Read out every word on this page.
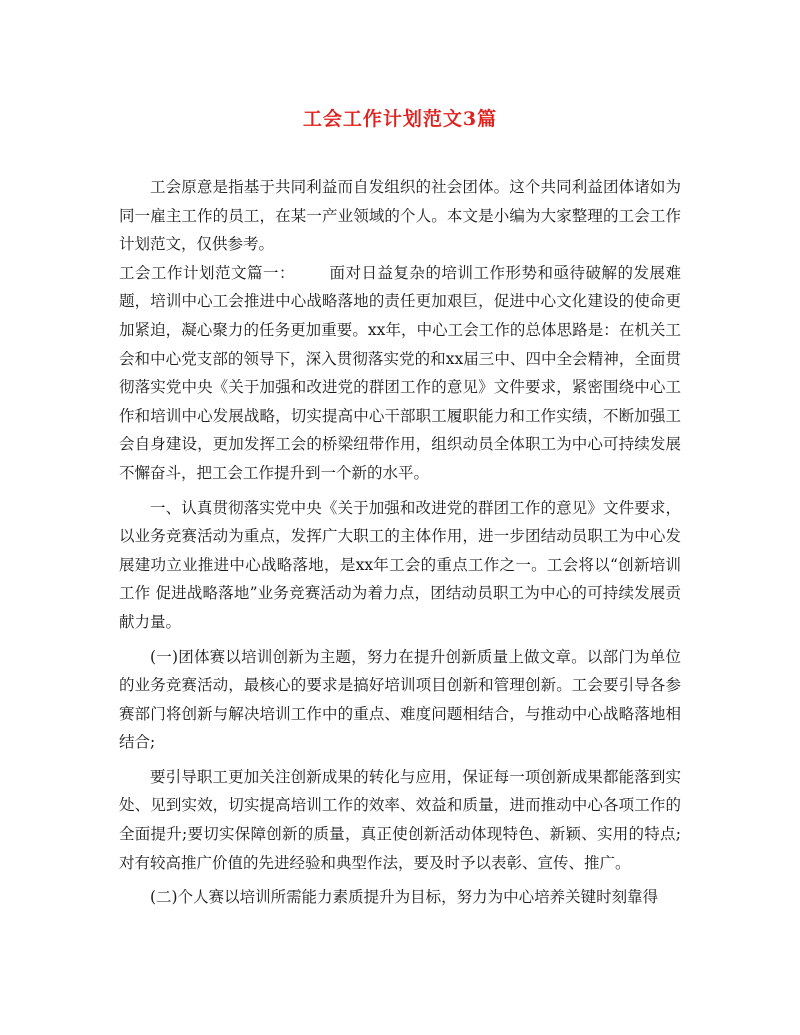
工会工作计划范文3篇

工会原意是指基于共同利益而自发组织的社会团体。这个共同利益团体诸如为同一雇主工作的员工，在某一产业领域的个人。本文是小编为大家整理的工会工作计划范文，仅供参考。

工会工作计划范文篇一： 面对日益复杂的培训工作形势和亟待破解的发展难题，培训中心工会推进中心战略落地的责任更加艰巨，促进中心文化建设的使命更加紧迫，凝心聚力的任务更加重要。xx年，中心工会工作的总体思路是：在机关工会和中心党支部的领导下，深入贯彻落实党的和xx届三中、四中全会精神，全面贯彻落实党中央《关于加强和改进党的群团工作的意见》文件要求，紧密围绕中心工作和培训中心发展战略，切实提高中心干部职工履职能力和工作实绩，不断加强工会自身建设，更加发挥工会的桥梁纽带作用，组织动员全体职工为中心可持续发展不懈奋斗，把工会工作提升到一个新的水平。

一、认真贯彻落实党中央《关于加强和改进党的群团工作的意见》文件要求，以业务竞赛活动为重点，发挥广大职工的主体作用，进一步团结动员职工为中心发展建功立业推进中心战略落地，是xx年工会的重点工作之一。工会将以“创新培训工作 促进战略落地”业务竞赛活动为着力点，团结动员职工为中心的可持续发展贡献力量。

(一)团体赛以培训创新为主题，努力在提升创新质量上做文章。以部门为单位的业务竞赛活动，最核心的要求是搞好培训项目创新和管理创新。工会要引导各参赛部门将创新与解决培训工作中的重点、难度问题相结合，与推动中心战略落地相结合;

要引导职工更加关注创新成果的转化与应用，保证每一项创新成果都能落到实处、见到实效，切实提高培训工作的效率、效益和质量，进而推动中心各项工作的全面提升;要切实保障创新的质量，真正使创新活动体现特色、新颖、实用的特点;对有较高推广价值的先进经验和典型作法，要及时予以表彰、宣传、推广。

(二)个人赛以培训所需能力素质提升为目标，努力为中心培养关键时刻靠得
